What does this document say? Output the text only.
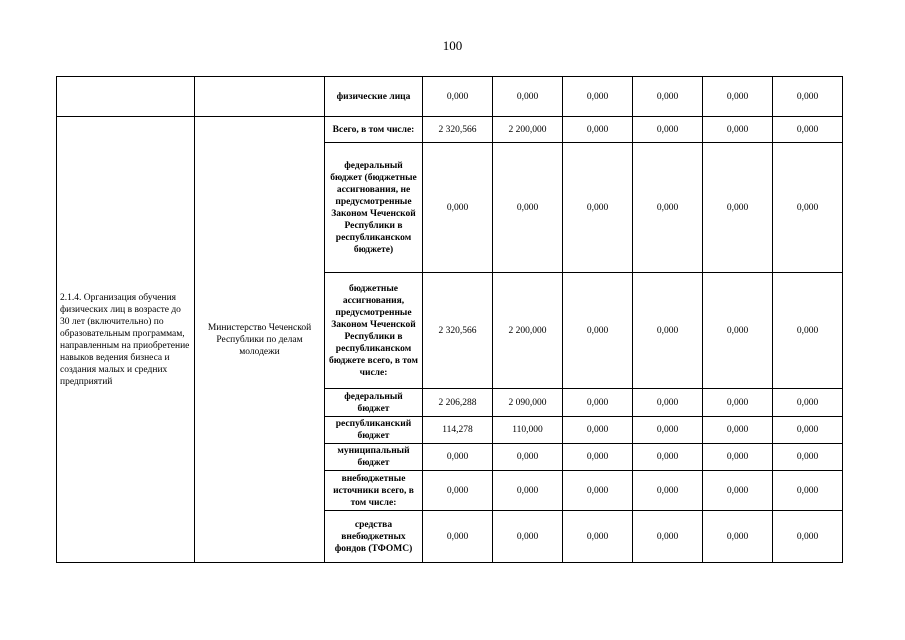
100
		физические лица	0,000	0,000	0,000	0,000	0,000	0,000
2.1.4. Организация обучения физических лиц в возрасте до 30 лет (включительно) по образовательным программам, направленным на приобретение навыков ведения бизнеса и создания малых и средних предприятий	Министерство Чеченской Республики по делам молодежи	Всего, в том числе:	2 320,566	2 200,000	0,000	0,000	0,000	0,000
		федеральный бюджет (бюджетные ассигнования, не предусмотренные Законом Чеченской Республики в республиканском бюджете)	0,000	0,000	0,000	0,000	0,000	0,000
		бюджетные ассигнования, предусмотренные Законом Чеченской Республики в республиканском бюджете всего, в том числе:	2 320,566	2 200,000	0,000	0,000	0,000	0,000
		федеральный бюджет	2 206,288	2 090,000	0,000	0,000	0,000	0,000
		республиканский бюджет	114,278	110,000	0,000	0,000	0,000	0,000
		муниципальный бюджет	0,000	0,000	0,000	0,000	0,000	0,000
		внебюджетные источники всего, в том числе:	0,000	0,000	0,000	0,000	0,000	0,000
		средства внебюджетных фондов (ТФОМС)	0,000	0,000	0,000	0,000	0,000	0,000
